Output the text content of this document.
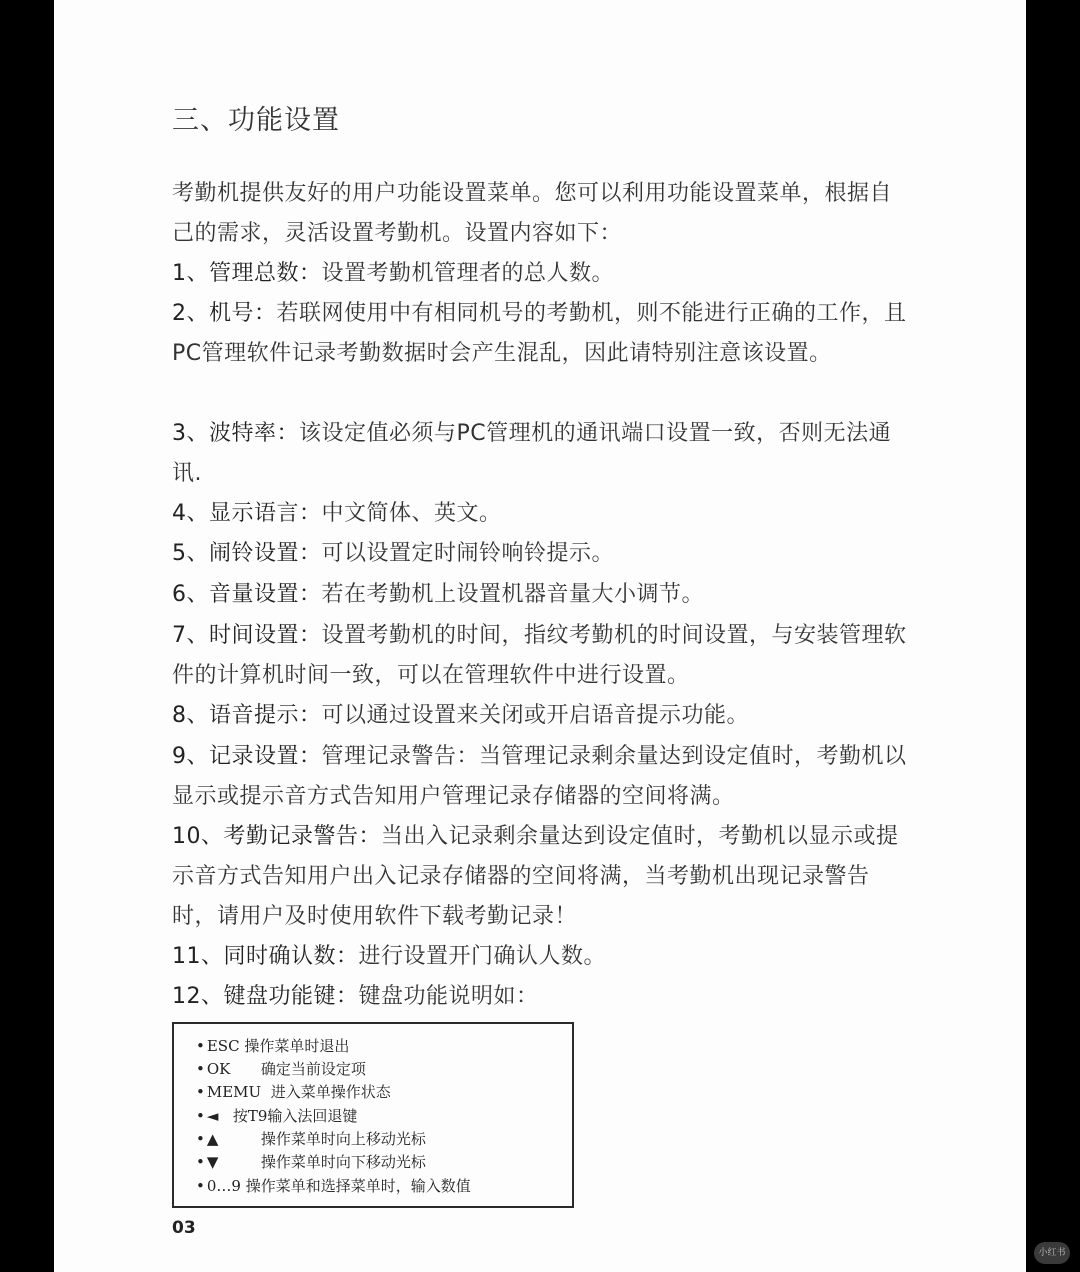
三、功能设置
考勤机提供友好的用户功能设置菜单。您可以利用功能设置菜单，根据自己的需求，灵活设置考勤机。设置内容如下：
1、管理总数：设置考勤机管理者的总人数。
2、机号：若联网使用中有相同机号的考勤机，则不能进行正确的工作，且PC管理软件记录考勤数据时会产生混乱，因此请特别注意该设置。
3、波特率：该设定值必须与PC管理机的通讯端口设置一致，否则无法通讯.
4、显示语言：中文简体、英文。
5、闹铃设置：可以设置定时闹铃响铃提示。
6、音量设置：若在考勤机上设置机器音量大小调节。
7、时间设置：设置考勤机的时间，指纹考勤机的时间设置，与安装管理软件的计算机时间一致，可以在管理软件中进行设置。
8、语音提示：可以通过设置来关闭或开启语音提示功能。
9、记录设置：管理记录警告：当管理记录剩余量达到设定值时，考勤机以显示或提示音方式告知用户管理记录存储器的空间将满。
10、考勤记录警告：当出入记录剩余量达到设定值时，考勤机以显示或提示音方式告知用户出入记录存储器的空间将满，当考勤机出现记录警告时，请用户及时使用软件下载考勤记录！
11、同时确认数：进行设置开门确认人数。
12、键盘功能键：键盘功能说明如：
• ESC 操作菜单时退出
• OK 确定当前设定项
• MEMU 进入菜单操作状态
• ◄ 按T9输入法回退键
• ▲	操作菜单时向上移动光标
• ▼	操作菜单时向下移动光标
• 0…9 操作菜单和选择菜单时，输入数值
03
小红书
